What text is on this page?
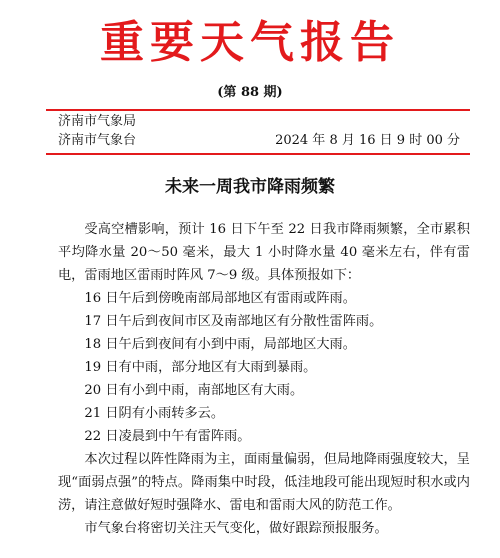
重要天气报告
(第 88 期)
济南市气象局
济南市气象台	2024 年 8 月 16 日 9 时 00 分
未来一周我市降雨频繁

受高空槽影响，预计 16 日下午至 22 日我市降雨频繁，全市累积平均降水量 20～50 毫米，最大 1 小时降水量 40 毫米左右，伴有雷电，雷雨地区雷雨时阵风 7～9 级。具体预报如下：

16 日午后到傍晚南部局部地区有雷雨或阵雨。

17 日午后到夜间市区及南部地区有分散性雷阵雨。

18 日午后到夜间有小到中雨，局部地区大雨。

19 日有中雨，部分地区有大雨到暴雨。

20 日有小到中雨，南部地区有大雨。

21 日阴有小雨转多云。

22 日凌晨到中午有雷阵雨。

本次过程以阵性降雨为主，面雨量偏弱，但局地降雨强度较大，呈现“面弱点强”的特点。降雨集中时段，低洼地段可能出现短时积水或内涝，请注意做好短时强降水、雷电和雷雨大风的防范工作。

市气象台将密切关注天气变化，做好跟踪预报服务。
